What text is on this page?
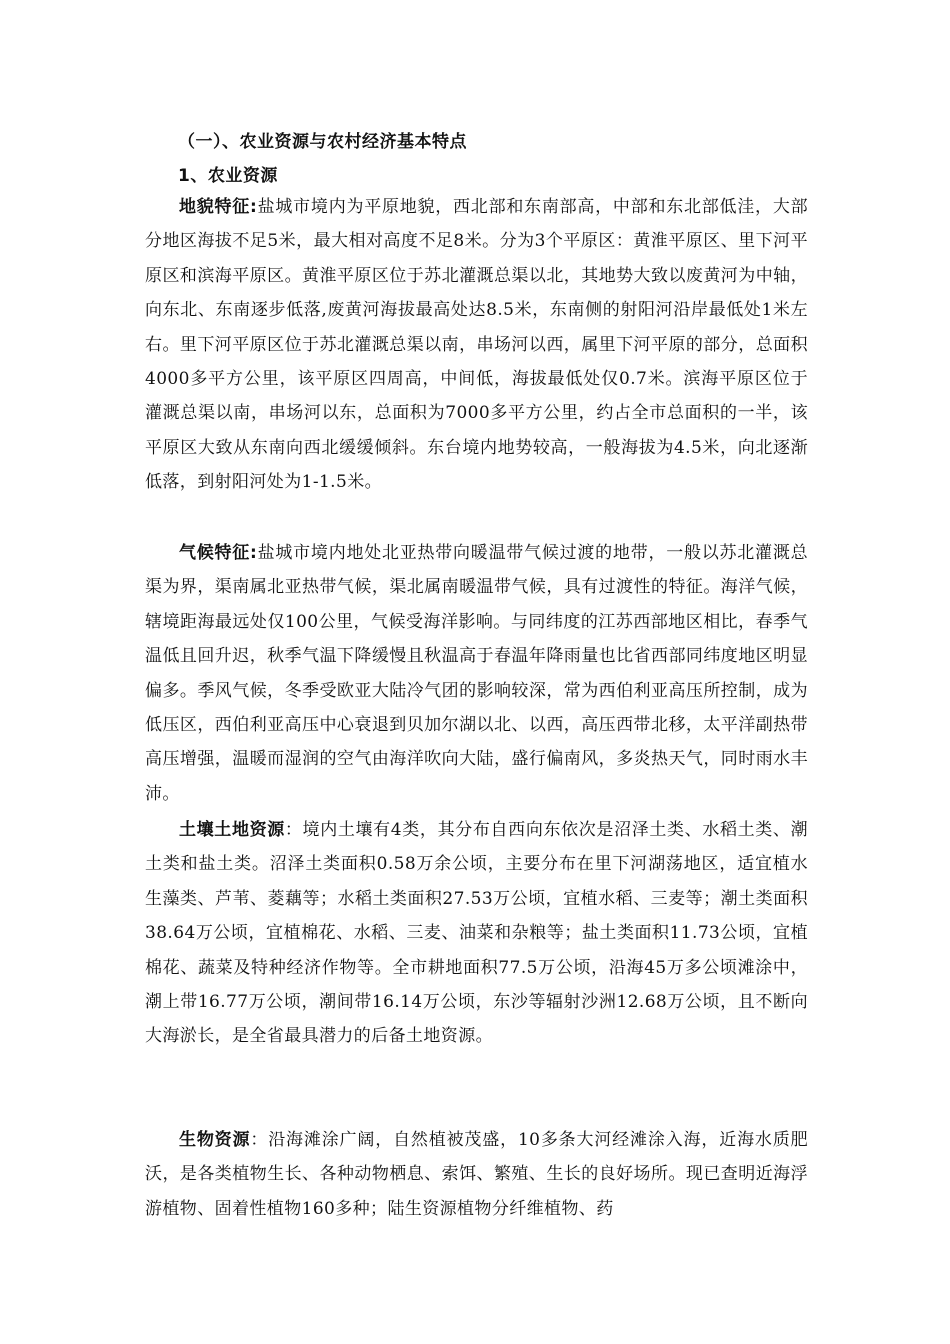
（一）、农业资源与农村经济基本特点
1、农业资源

地貌特征:盐城市境内为平原地貌，西北部和东南部高，中部和东北部低洼，大部分地区海拔不足5米，最大相对高度不足8米。分为3个平原区：黄淮平原区、里下河平原区和滨海平原区。黄淮平原区位于苏北灌溉总渠以北，其地势大致以废黄河为中轴，向东北、东南逐步低落,废黄河海拔最高处达8.5米，东南侧的射阳河沿岸最低处1米左右。里下河平原区位于苏北灌溉总渠以南，串场河以西，属里下河平原的部分，总面积4000多平方公里，该平原区四周高，中间低，海拔最低处仅0.7米。滨海平原区位于灌溉总渠以南，串场河以东，总面积为7000多平方公里，约占全市总面积的一半，该平原区大致从东南向西北缓缓倾斜。东台境内地势较高，一般海拔为4.5米，向北逐渐低落，到射阳河处为1-1.5米。

气候特征:盐城市境内地处北亚热带向暖温带气候过渡的地带，一般以苏北灌溉总渠为界，渠南属北亚热带气候，渠北属南暖温带气候，具有过渡性的特征。海洋气候，辖境距海最远处仅100公里，气候受海洋影响。与同纬度的江苏西部地区相比，春季气温低且回升迟，秋季气温下降缓慢且秋温高于春温年降雨量也比省西部同纬度地区明显偏多。季风气候，冬季受欧亚大陆冷气团的影响较深，常为西伯利亚高压所控制，成为低压区，西伯利亚高压中心衰退到贝加尔湖以北、以西，高压西带北移，太平洋副热带高压增强，温暖而湿润的空气由海洋吹向大陆，盛行偏南风，多炎热天气，同时雨水丰沛。

土壤土地资源：境内土壤有4类，其分布自西向东依次是沼泽土类、水稻土类、潮土类和盐土类。沼泽土类面积0.58万余公顷，主要分布在里下河湖荡地区，适宜植水生藻类、芦苇、菱藕等；水稻土类面积27.53万公顷，宜植水稻、三麦等；潮土类面积38.64万公顷，宜植棉花、水稻、三麦、油菜和杂粮等；盐土类面积11.73公顷，宜植棉花、蔬菜及特种经济作物等。全市耕地面积77.5万公顷，沿海45万多公顷滩涂中，潮上带16.77万公顷，潮间带16.14万公顷，东沙等辐射沙洲12.68万公顷，且不断向大海淤长，是全省最具潜力的后备土地资源。

生物资源：沿海滩涂广阔，自然植被茂盛，10多条大河经滩涂入海，近海水质肥沃，是各类植物生长、各种动物栖息、索饵、繁殖、生长的良好场所。现已查明近海浮游植物、固着性植物160多种；陆生资源植物分纤维植物、药
